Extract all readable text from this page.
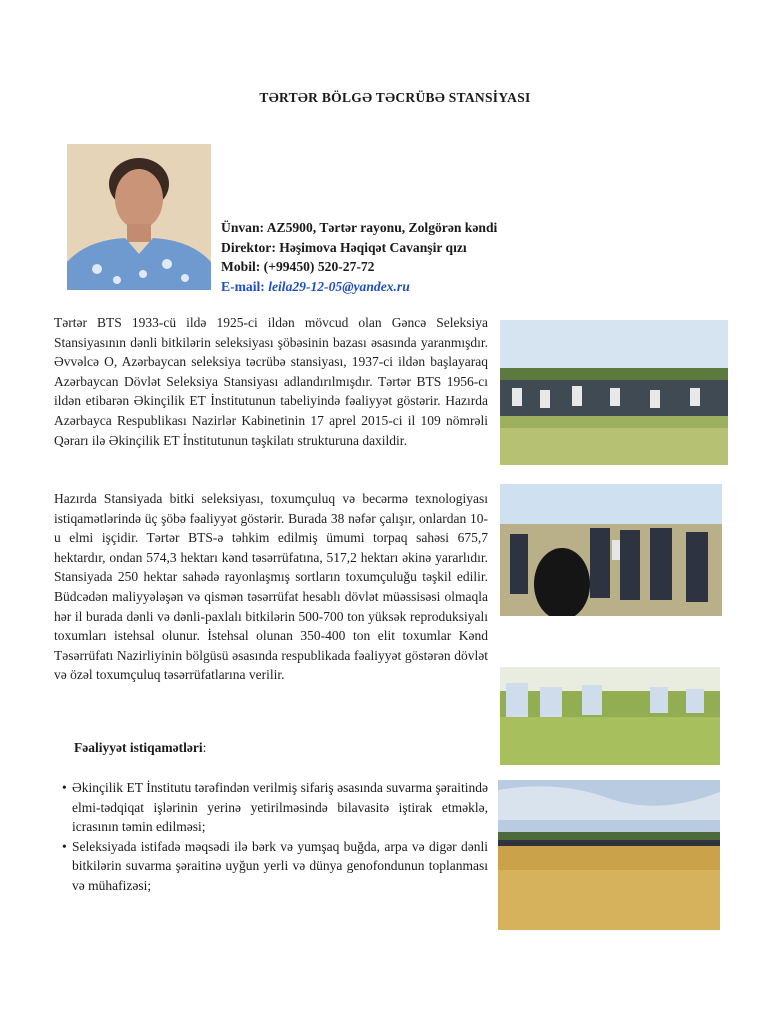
TƏRTƏR BÖLGƏ TƏCRÜBƏ STANSİYASI
Ünvan: AZ5900, Tərtər rayonu, Zolgörən kəndi
Direktor: Həşimova Həqiqət Cavanşir qızı
Mobil: (+99450) 520-27-72
E-mail: leila29-12-05@yandex.ru
Tərtər BTS 1933-cü ildə 1925-ci ildən mövcud olan Gəncə Seleksiya Stansiyasının dənli bitkilərin seleksiyası şöbəsinin bazası əsasında yaranmışdır. Əvvəlcə O, Azərbaycan seleksiya təcrübə stansiyası, 1937-ci ildən başlayaraq Azərbaycan Dövlət Seleksiya Stansiyası adlandırılmışdır. Tərtər BTS 1956-cı ildən etibarən Əkinçilik ET İnstitutunun tabeliyində fəaliyyət göstərir. Hazırda Azərbayca Respublikası Nazirlər Kabinetinin 17 aprel 2015-ci il 109 nömrəli Qərarı ilə Əkinçilik ET İnstitutunun təşkilatı strukturuna daxildir.
Hazırda Stansiyada bitki seleksiyası, toxumçuluq və becərmə texnologiyası istiqamətlərində üç şöbə fəaliyyət göstərir. Burada 38 nəfər çalışır, onlardan 10-u elmi işçidir. Tərtər BTS-ə təhkim edilmiş ümumi torpaq sahəsi 675,7 hektardır, ondan 574,3 hektarı kənd təsərrüfatına, 517,2 hektarı əkinə yararlıdır. Stansiyada 250 hektar sahədə rayonlaşmış sortların toxumçuluğu təşkil edilir. Büdcədən maliyyələşən və qismən təsərrüfat hesablı dövlət müəssisəsi olmaqla hər il burada dənli və dənli-paxlalı bitkilərin 500-700 ton yüksək reproduksiyalı toxumları istehsal olunur. İstehsal olunan 350-400 ton elit toxumlar Kənd Təsərrüfatı Nazirliyinin bölgüsü əsasında respublikada fəaliyyət göstərən dövlət və özəl toxumçuluq təsərrüfatlarına verilir.
Fəaliyyət istiqamətləri:
• Əkinçilik ET İnstitutu tərəfindən verilmiş sifariş əsasında suvarma şəraitində elmi-tədqiqat işlərinin yerinə yetirilməsində bilavasitə iştirak etməklə, icrasının təmin edilməsi;
• Seleksiyada istifadə məqsədi ilə bərk və yumşaq buğda, arpa və digər dənli bitkilərin suvarma şəraitinə uyğun yerli və dünya genofondunun toplanması və mühafizəsi;
